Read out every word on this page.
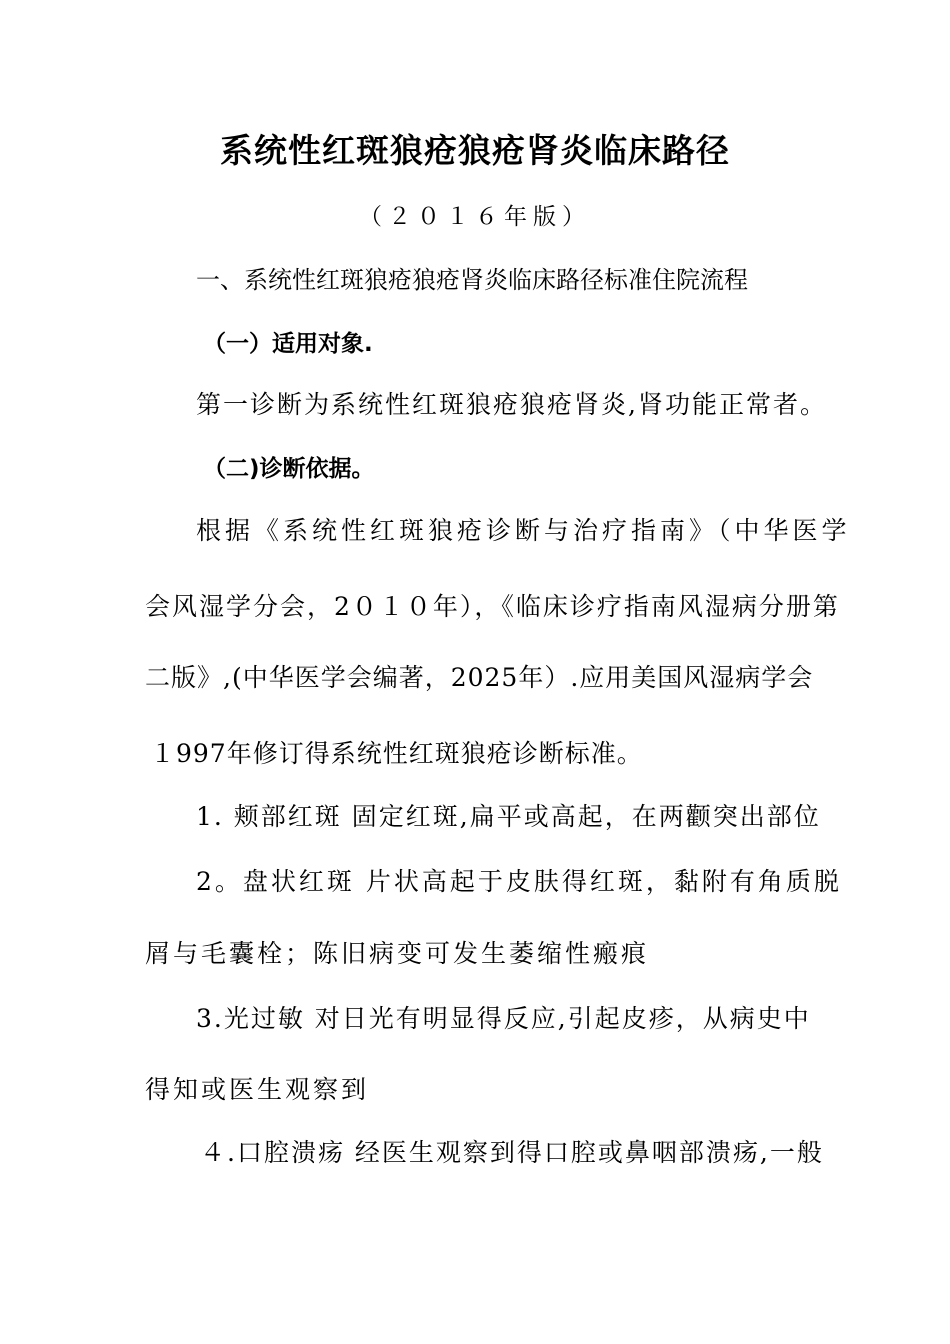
系统性红斑狼疮狼疮肾炎临床路径
（２０１６年版）
一、系统性红斑狼疮狼疮肾炎临床路径标准住院流程
（一）适用对象.
第一诊断为系统性红斑狼疮狼疮肾炎,肾功能正常者。
（二)诊断依据。
根据《系统性红斑狼疮诊断与治疗指南》（中华医学
会风湿学分会，2０１０年），《临床诊疗指南风湿病分册第
二版》,(中华医学会编著，2025年）.应用美国风湿病学会
１997年修订得系统性红斑狼疮诊断标准。
1. 颊部红斑 固定红斑,扁平或高起，在两颧突出部位
2。盘状红斑 片状高起于皮肤得红斑，黏附有角质脱
屑与毛囊栓；陈旧病变可发生萎缩性瘢痕
3.光过敏 对日光有明显得反应,引起皮疹，从病史中
得知或医生观察到
４.口腔溃疡 经医生观察到得口腔或鼻咽部溃疡,一般
